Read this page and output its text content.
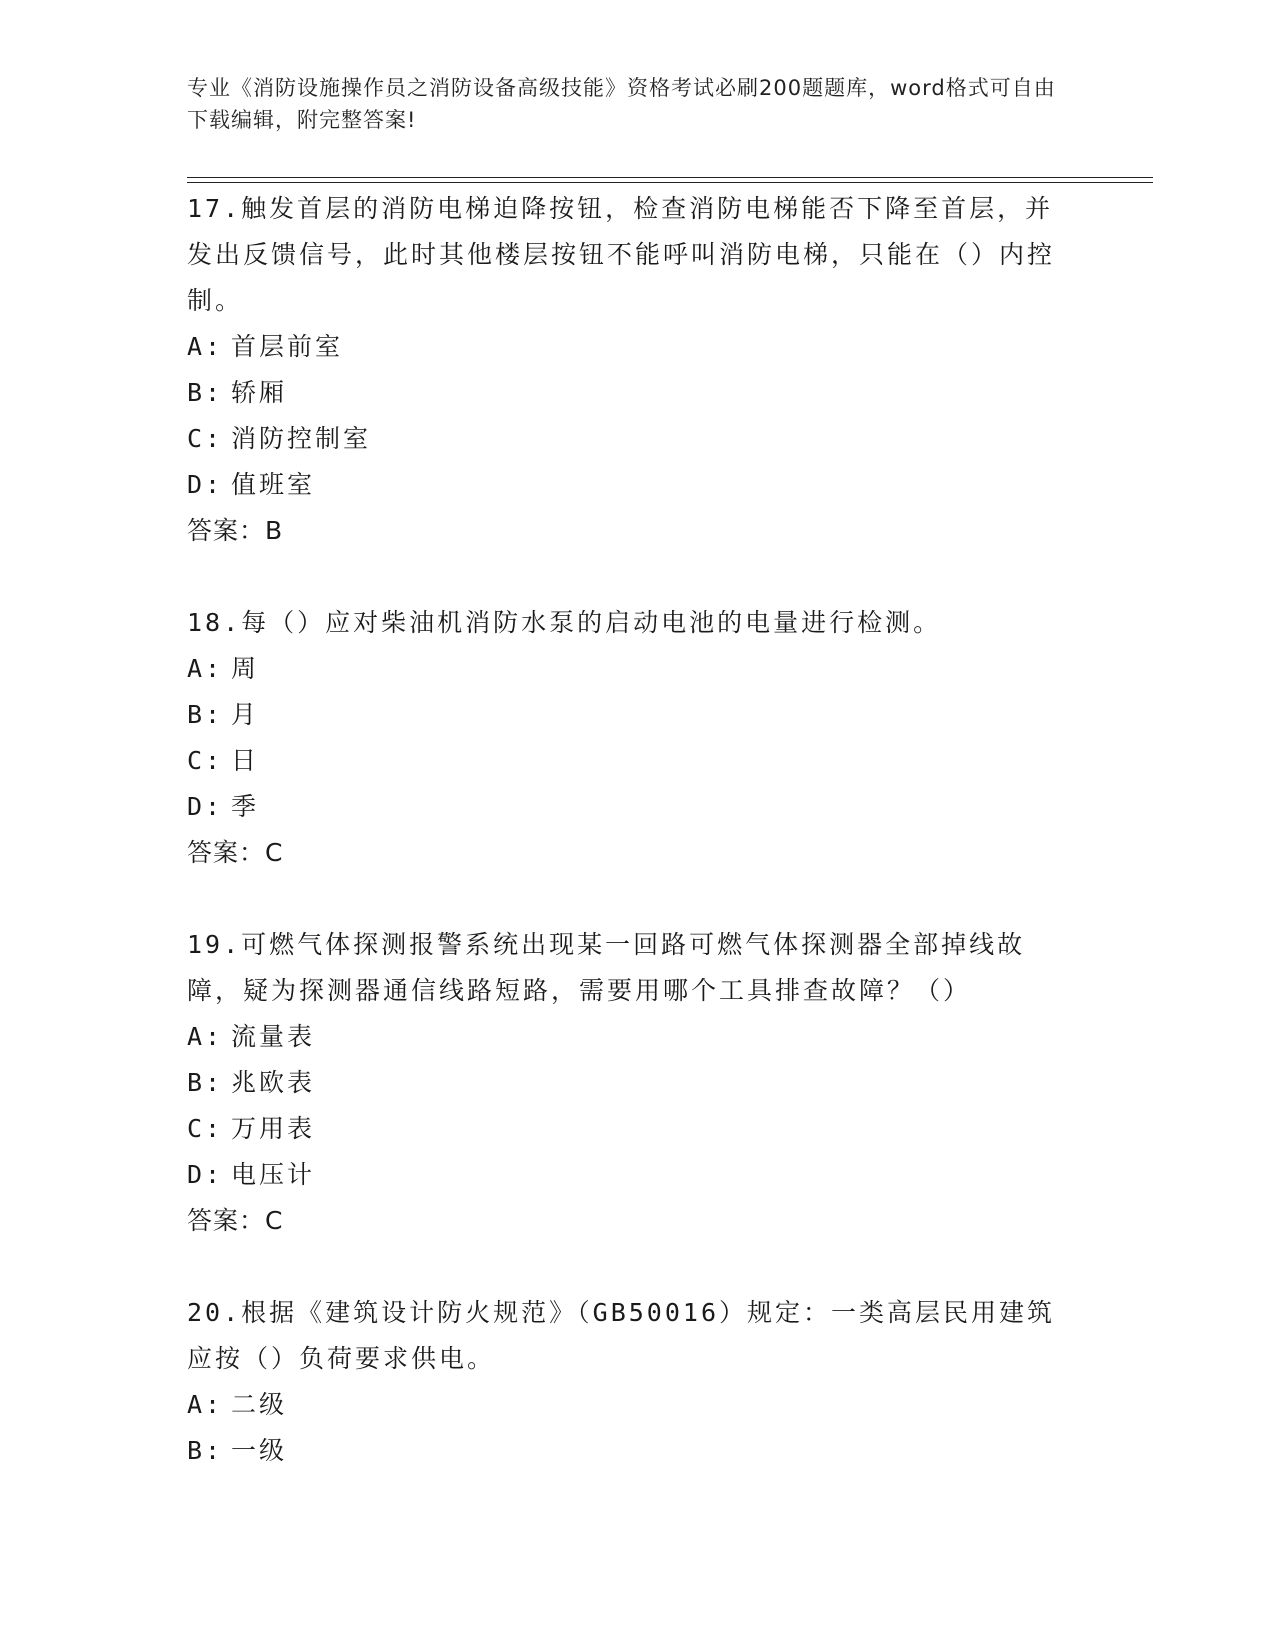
专业《消防设施操作员之消防设备高级技能》资格考试必刷200题题库，word格式可自由下载编辑，附完整答案!

17.触发首层的消防电梯迫降按钮，检查消防电梯能否下降至首层，并发出反馈信号，此时其他楼层按钮不能呼叫消防电梯，只能在（）内控制。

A: 首层前室

B: 轿厢

C: 消防控制室

D: 值班室

答案：B

18.每（）应对柴油机消防水泵的启动电池的电量进行检测。

A: 周

B: 月

C: 日

D: 季

答案：C

19.可燃气体探测报警系统出现某一回路可燃气体探测器全部掉线故障，疑为探测器通信线路短路，需要用哪个工具排查故障？（）

A: 流量表

B: 兆欧表

C: 万用表

D: 电压计

答案：C

20.根据《建筑设计防火规范》（GB50016）规定：一类高层民用建筑应按（）负荷要求供电。

A: 二级

B: 一级
